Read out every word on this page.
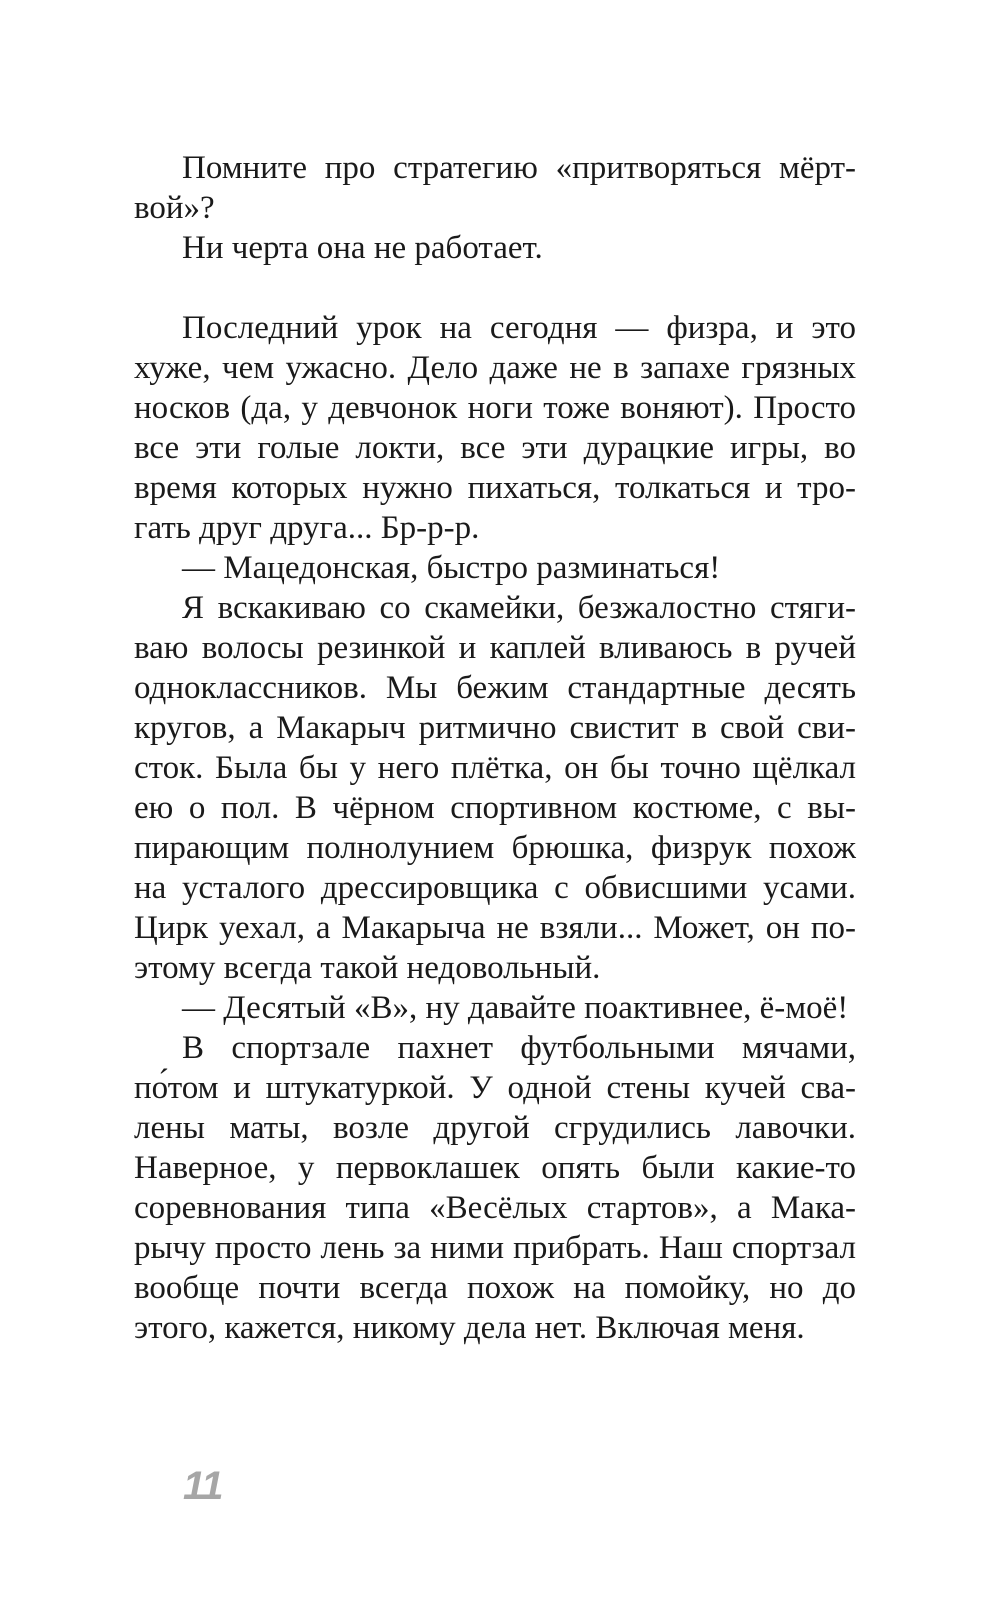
Помните про стратегию «притворяться мёртвой»?

Ни черта она не работает.

Последний урок на сегодня — физра, и это хуже, чем ужасно. Дело даже не в запахе грязных носков (да, у девчонок ноги тоже воняют). Просто все эти голые локти, все эти дурацкие игры, во время которых нужно пихаться, толкаться и трогать друг друга... Бр-р-р.

— Мацедонская, быстро разминаться!

Я вскакиваю со скамейки, безжалостно стягиваю волосы резинкой и каплей вливаюсь в ручей одноклассников. Мы бежим стандартные десять кругов, а Макарыч ритмично свистит в свой свисток. Была бы у него плётка, он бы точно щёлкал ею о пол. В чёрном спортивном костюме, с выпирающим полнолунием брюшка, физрук похож на усталого дрессировщика с обвисшими усами. Цирк уехал, а Макарыча не взяли... Может, он поэтому всегда такой недовольный.

— Десятый «В», ну давайте поактивнее, ё-моё!

В спортзале пахнет футбольными мячами, по́том и штукатуркой. У одной стены кучей свалены маты, возле другой сгрудились лавочки. Наверное, у первоклашек опять были какие-то соревнования типа «Весёлых стартов», а Макарычу просто лень за ними прибрать. Наш спортзал вообще почти всегда похож на помойку, но до этого, кажется, никому дела нет. Включая меня.

11
